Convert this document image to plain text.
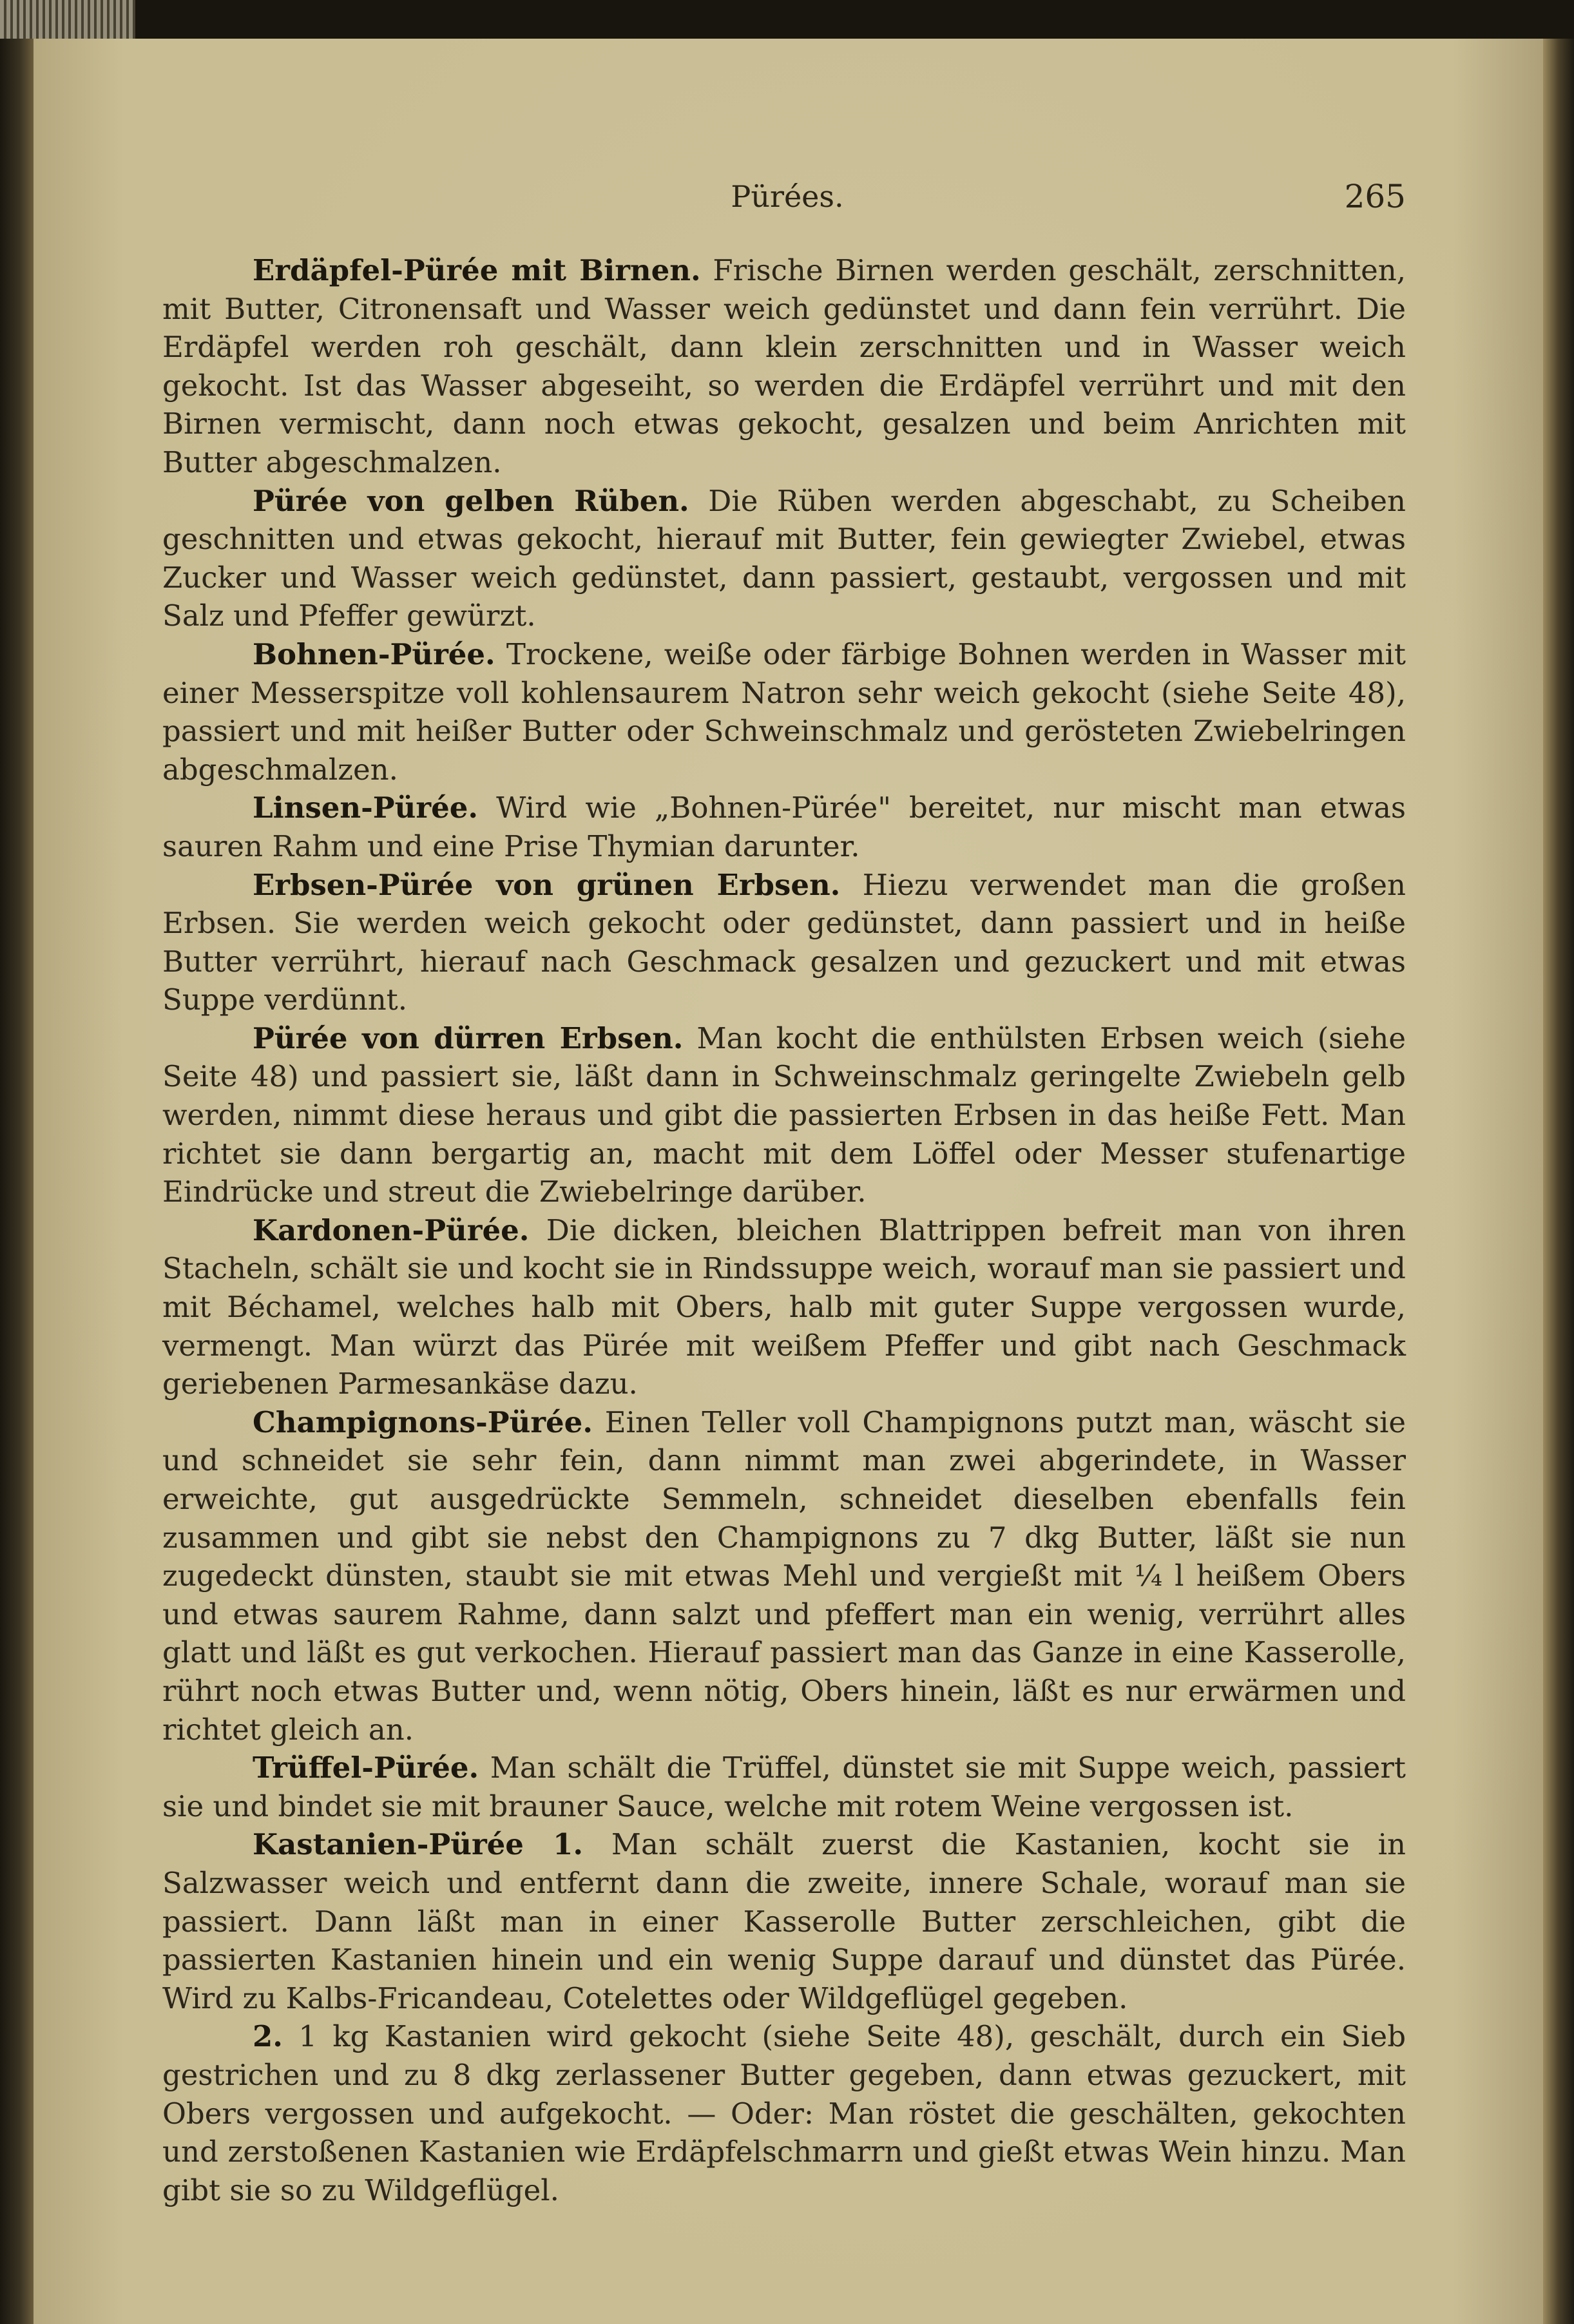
Pürées.	265

Erdäpfel-Pürée mit Birnen. Frische Birnen werden geschält, zerschnitten, mit Butter, Citronensaft und Wasser weich gedünstet und dann fein verrührt. Die Erdäpfel werden roh geschält, dann klein zerschnitten und in Wasser weich gekocht. Ist das Wasser abgeseiht, so werden die Erdäpfel verrührt und mit den Birnen vermischt, dann noch etwas gekocht, gesalzen und beim Anrichten mit Butter abgeschmalzen.

Pürée von gelben Rüben. Die Rüben werden abgeschabt, zu Scheiben geschnitten und etwas gekocht, hierauf mit Butter, fein gewiegter Zwiebel, etwas Zucker und Wasser weich gedünstet, dann passiert, gestaubt, vergossen und mit Salz und Pfeffer gewürzt.

Bohnen-Pürée. Trockene, weiße oder färbige Bohnen werden in Wasser mit einer Messerspitze voll kohlensaurem Natron sehr weich gekocht (siehe Seite 48), passiert und mit heißer Butter oder Schweinschmalz und gerösteten Zwiebelringen abgeschmalzen.

Linsen-Pürée. Wird wie „Bohnen-Pürée" bereitet, nur mischt man etwas sauren Rahm und eine Prise Thymian darunter.

Erbsen-Pürée von grünen Erbsen. Hiezu verwendet man die großen Erbsen. Sie werden weich gekocht oder gedünstet, dann passiert und in heiße Butter verrührt, hierauf nach Geschmack gesalzen und gezuckert und mit etwas Suppe verdünnt.

Pürée von dürren Erbsen. Man kocht die enthülsten Erbsen weich (siehe Seite 48) und passiert sie, läßt dann in Schweinschmalz geringelte Zwiebeln gelb werden, nimmt diese heraus und gibt die passierten Erbsen in das heiße Fett. Man richtet sie dann bergartig an, macht mit dem Löffel oder Messer stufenartige Eindrücke und streut die Zwiebelringe darüber.

Kardonen-Pürée. Die dicken, bleichen Blattrippen befreit man von ihren Stacheln, schält sie und kocht sie in Rindssuppe weich, worauf man sie passiert und mit Béchamel, welches halb mit Obers, halb mit guter Suppe vergossen wurde, vermengt. Man würzt das Pürée mit weißem Pfeffer und gibt nach Geschmack geriebenen Parmesankäse dazu.

Champignons-Pürée. Einen Teller voll Champignons putzt man, wäscht sie und schneidet sie sehr fein, dann nimmt man zwei abgerindete, in Wasser erweichte, gut ausgedrückte Semmeln, schneidet dieselben ebenfalls fein zusammen und gibt sie nebst den Champignons zu 7 dkg Butter, läßt sie nun zugedeckt dünsten, staubt sie mit etwas Mehl und vergießt mit ¼ l heißem Obers und etwas saurem Rahme, dann salzt und pfeffert man ein wenig, verrührt alles glatt und läßt es gut verkochen. Hierauf passiert man das Ganze in eine Kasserolle, rührt noch etwas Butter und, wenn nötig, Obers hinein, läßt es nur erwärmen und richtet gleich an.

Trüffel-Pürée. Man schält die Trüffel, dünstet sie mit Suppe weich, passiert sie und bindet sie mit brauner Sauce, welche mit rotem Weine vergossen ist.

Kastanien-Pürée 1. Man schält zuerst die Kastanien, kocht sie in Salzwasser weich und entfernt dann die zweite, innere Schale, worauf man sie passiert. Dann läßt man in einer Kasserolle Butter zerschleichen, gibt die passierten Kastanien hinein und ein wenig Suppe darauf und dünstet das Pürée. Wird zu Kalbs-Fricandeau, Cotelettes oder Wildgeflügel gegeben.

2. 1 kg Kastanien wird gekocht (siehe Seite 48), geschält, durch ein Sieb gestrichen und zu 8 dkg zerlassener Butter gegeben, dann etwas gezuckert, mit Obers vergossen und aufgekocht. — Oder: Man röstet die geschälten, gekochten und zerstoßenen Kastanien wie Erdäpfelschmarrn und gießt etwas Wein hinzu. Man gibt sie so zu Wildgeflügel.
